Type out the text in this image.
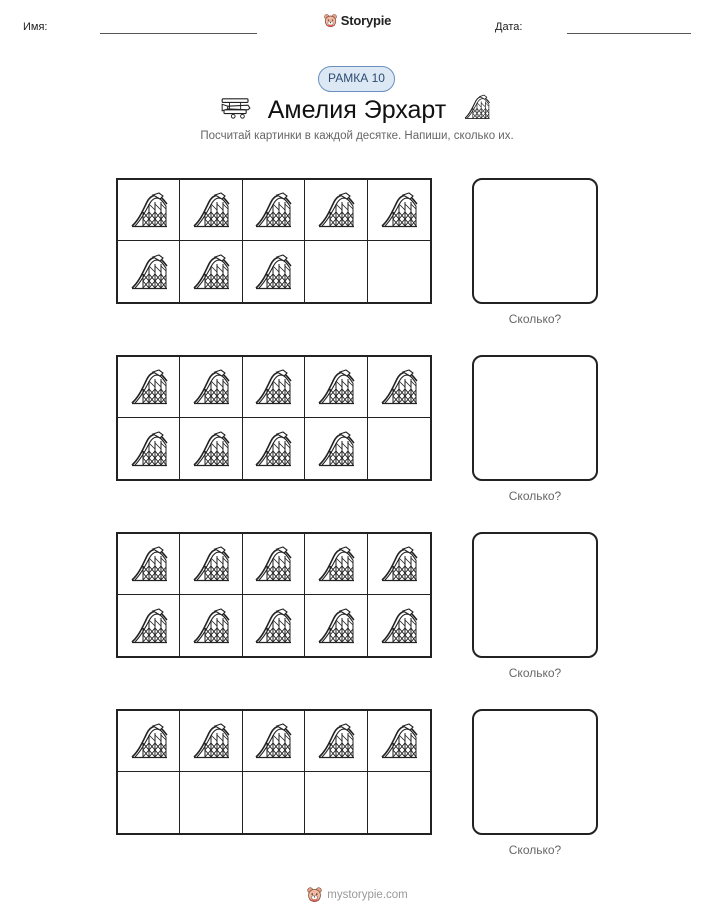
Имя:	Storypie	Дата:
РАМКА 10
Амелия Эрхарт
Посчитай картинки в каждой десятке. Напиши, сколько их.
Сколько?
Сколько?
Сколько?
Сколько?
mystorypie.com
